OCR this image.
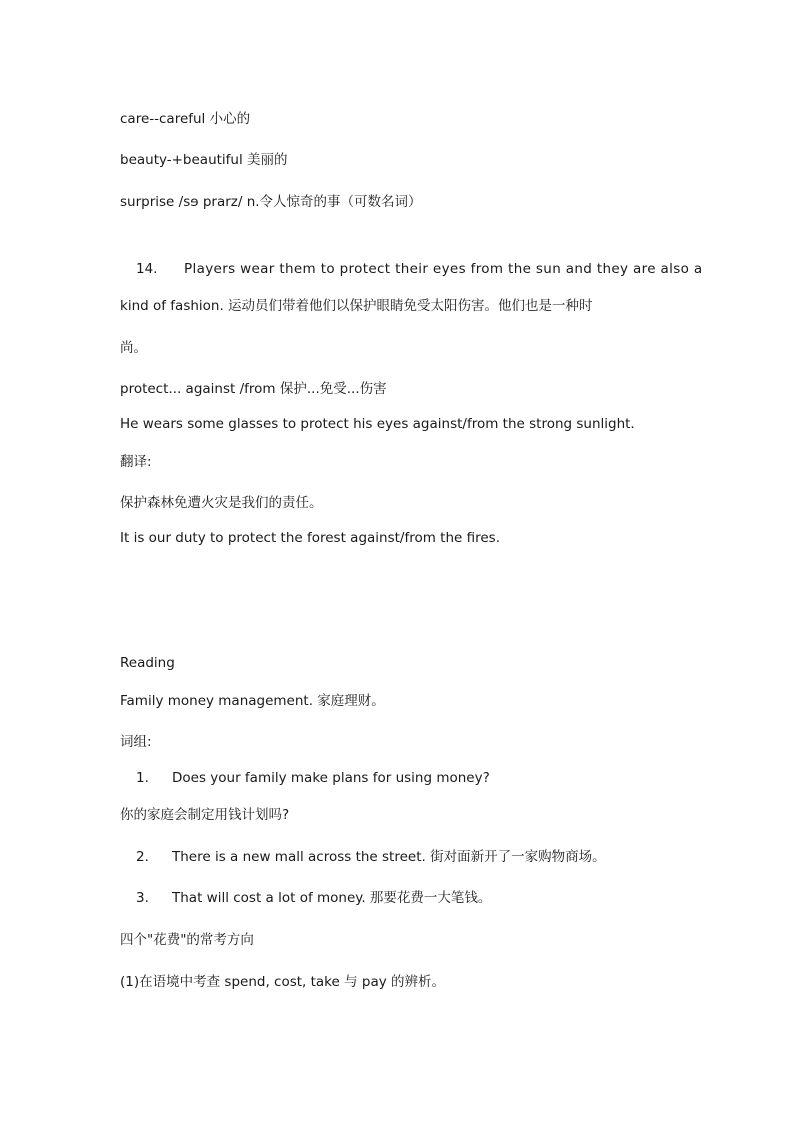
care--careful 小心的
beauty-+beautiful 美丽的
surprise /sɘ prarz/ n.令人惊奇的事（可数名词）
14. Players wear them to protect their eyes from the sun and they are also a
kind of fashion. 运动员们带着他们以保护眼睛免受太阳伤害。他们也是一种时
尚。
protect... against /from 保护...免受...伤害
He wears some glasses to protect his eyes against/from the strong sunlight.
翻译:
保护森林免遭火灾是我们的责任。
It is our duty to protect the forest against/from the fires.
Reading
Family money management. 家庭理财。
词组:
1. Does your family make plans for using money?
你的家庭会制定用钱计划吗?
2. There is a new mall across the street. 街对面新开了一家购物商场。
3. That will cost a lot of money. 那要花费一大笔钱。
四个"花费"的常考方向
(1)在语境中考查 spend, cost, take 与 pay 的辨析。
